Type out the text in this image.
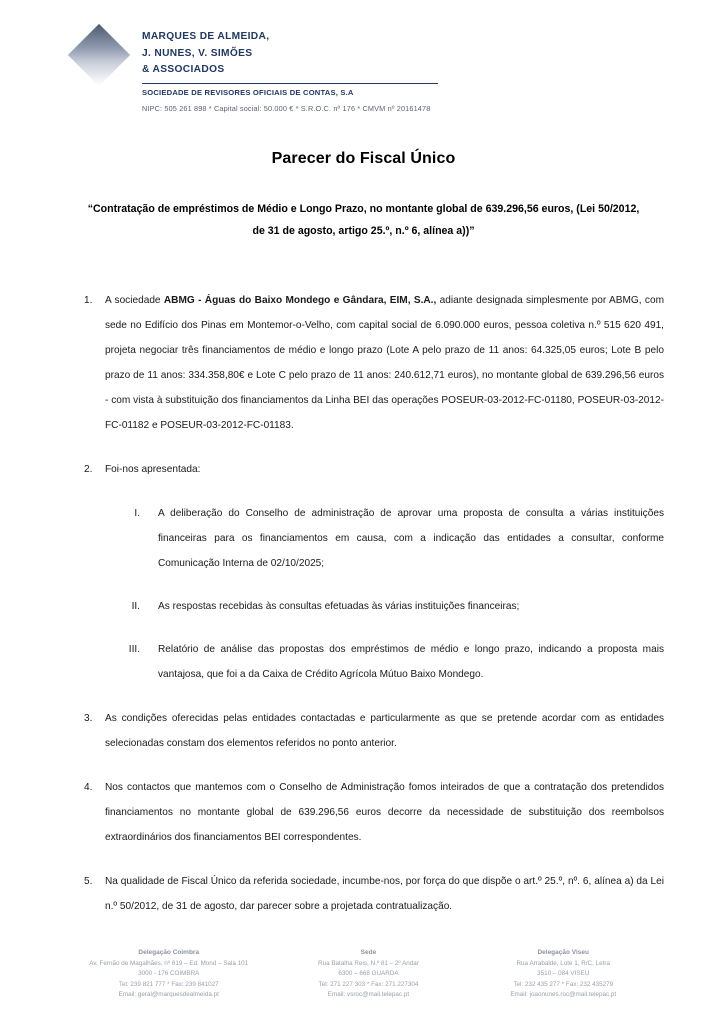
MARQUES DE ALMEIDA,
J. NUNES, V. SIMÕES
& ASSOCIADOS
SOCIEDADE DE REVISORES OFICIAIS DE CONTAS, S.A
NIPC: 505 261 898 * Capital social: 50.000 € * S.R.O.C. nº 176 * CMVM nº 20161478
Parecer do Fiscal Único
“Contratação de empréstimos de Médio e Longo Prazo, no montante global de 639.296,56 euros, (Lei 50/2012,
de 31 de agosto, artigo 25.º, n.º 6, alínea a))”
1.	A sociedade ABMG - Águas do Baixo Mondego e Gândara, EIM, S.A., adiante designada simplesmente por ABMG, com sede no Edifício dos Pinas em Montemor-o-Velho, com capital social de 6.090.000 euros, pessoa coletiva n.º 515 620 491, projeta negociar três financiamentos de médio e longo prazo (Lote A pelo prazo de 11 anos: 64.325,05 euros; Lote B pelo prazo de 11 anos: 334.358,80€ e Lote C pelo prazo de 11 anos: 240.612,71 euros), no montante global de 639.296,56 euros - com vista à substituição dos financiamentos da Linha BEI das operações POSEUR-03-2012-FC-01180, POSEUR-03-2012-FC-01182 e POSEUR-03-2012-FC-01183.
2.	Foi-nos apresentada:
I. A deliberação do Conselho de administração de aprovar uma proposta de consulta a várias instituições financeiras para os financiamentos em causa, com a indicação das entidades a consultar, conforme Comunicação Interna de 02/10/2025;
II. As respostas recebidas às consultas efetuadas às várias instituições financeiras;
III. Relatório de análise das propostas dos empréstimos de médio e longo prazo, indicando a proposta mais vantajosa, que foi a da Caixa de Crédito Agrícola Mútuo Baixo Mondego.
3.	As condições oferecidas pelas entidades contactadas e particularmente as que se pretende acordar com as entidades selecionadas constam dos elementos referidos no ponto anterior.
4.	Nos contactos que mantemos com o Conselho de Administração fomos inteirados de que a contratação dos pretendidos financiamentos no montante global de 639.296,56 euros decorre da necessidade de substituição dos reembolsos extraordinários dos financiamentos BEI correspondentes.
5.	Na qualidade de Fiscal Único da referida sociedade, incumbe-nos, por força do que dispõe o art.º 25.º, nº. 6, alínea a) da Lei n.º 50/2012, de 31 de agosto, dar parecer sobre a projetada contratualização.
Delegação Coimbra
Av. Fernão de Magalhães, nº 619 – Ed. Mond – Sala 101
3000 - 176 COIMBRA
Tel: 239 821 777 * Fax: 239 841027
Email: geral@marquesdealmeida.pt
Sede
Rua Batalha Reis, N.º 81 – 2º Andar
6300 – 668 GUARDA
Tel: 271 227 303 * Fax: 271 227304
Email: vsroc@mail.telepac.pt
Delegação Viseu
Rua Arrabalde, Lote 1, R/C, Letra
3510 – 084 VISEU
Tel: 232 435 277 * Fax: 232 435279
Email: joaonunes.roc@mail.telepac.pt
